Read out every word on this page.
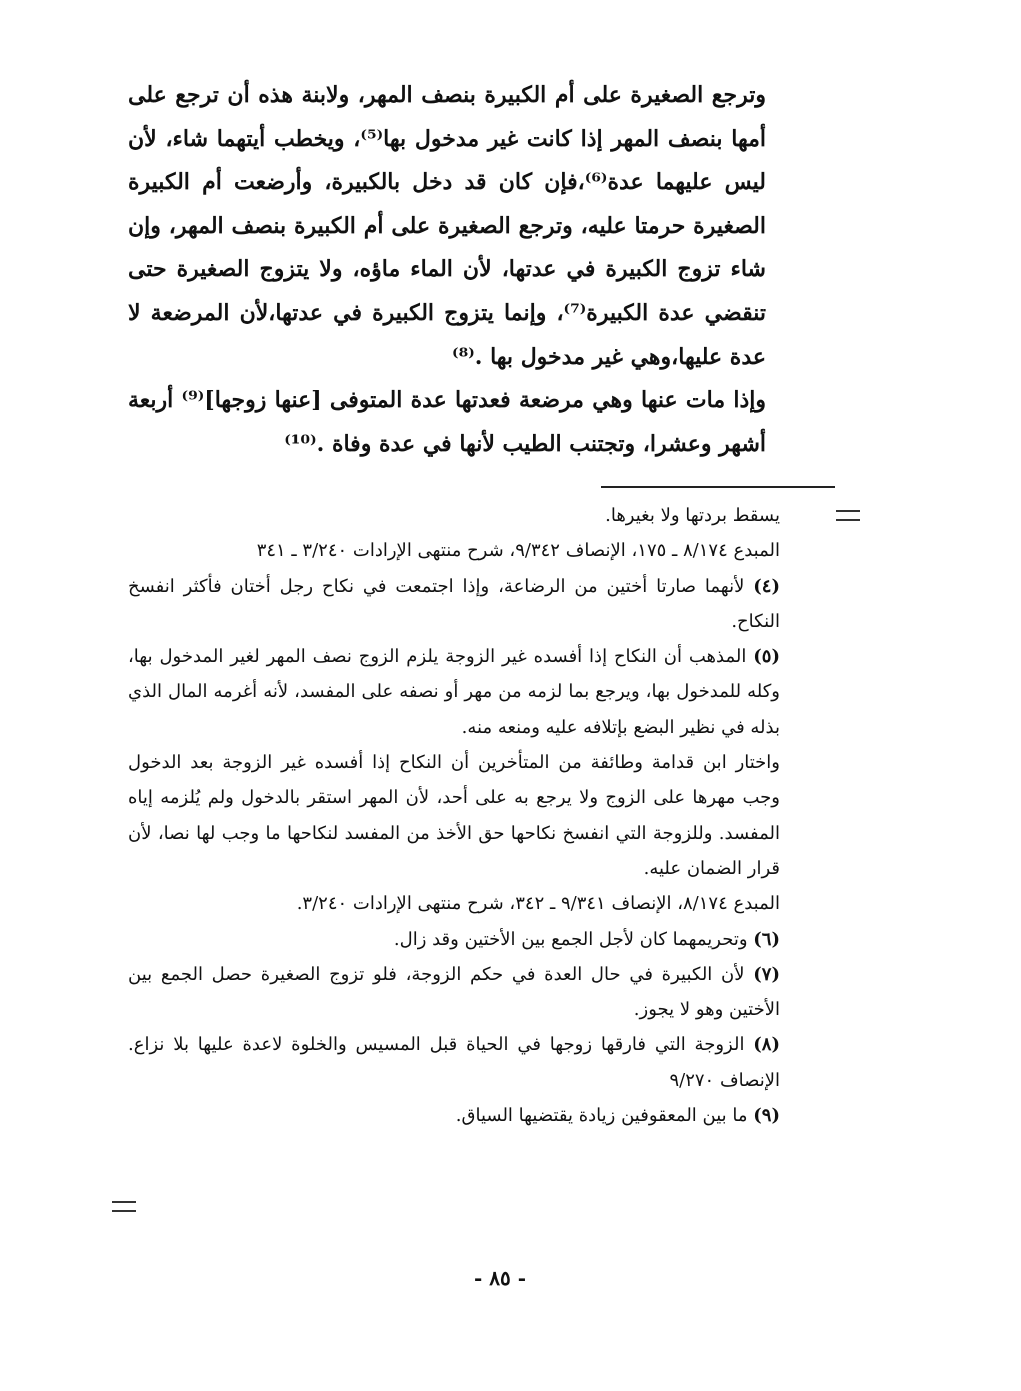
وترجع الصغيرة على أم الكبيرة بنصف المهر، ولابنة هذه أن ترجع على أمها بنصف المهر إذا كانت غير مدخول بها⁽⁵⁾، ويخطب أيتهما شاء، لأن ليس عليهما عدة⁽⁶⁾،فإن كان قد دخل بالكبيرة، وأرضعت أم الكبيرة الصغيرة حرمتا عليه، وترجع الصغيرة على أم الكبيرة بنصف المهر، وإن شاء تزوج الكبيرة في عدتها، لأن الماء ماؤه، ولا يتزوج الصغيرة حتى تنقضي عدة الكبيرة⁽⁷⁾، وإنما يتزوج الكبيرة في عدتها،لأن المرضعة لا عدة عليها،وهي غير مدخول بها .⁽⁸⁾

وإذا مات عنها وهي مرضعة فعدتها عدة المتوفى [عنها زوجها]⁽⁹⁾ أربعة أشهر وعشرا، وتجتنب الطيب لأنها في عدة وفاة .⁽¹⁰⁾

يسقط بردتها ولا بغيرها.

المبدع ٨/١٧٤ ـ ١٧٥، الإنصاف ٩/٣٤٢، شرح منتهى الإرادات ٣/٢٤٠ ـ ٣٤١

(٤) لأنهما صارتا أختين من الرضاعة، وإذا اجتمعت في نكاح رجل أختان فأكثر انفسخ النكاح.

(٥) المذهب أن النكاح إذا أفسده غير الزوجة يلزم الزوج نصف المهر لغير المدخول بها، وكله للمدخول بها، ويرجع بما لزمه من مهر أو نصفه على المفسد، لأنه أغرمه المال الذي بذله في نظير البضع بإتلافه عليه ومنعه منه.

واختار ابن قدامة وطائفة من المتأخرين أن النكاح إذا أفسده غير الزوجة بعد الدخول وجب مهرها على الزوج ولا يرجع به على أحد، لأن المهر استقر بالدخول ولم يُلزمه إياه المفسد. وللزوجة التي انفسخ نكاحها حق الأخذ من المفسد لنكاحها ما وجب لها نصا، لأن قرار الضمان عليه.

المبدع ٨/١٧٤، الإنصاف ٩/٣٤١ ـ ٣٤٢، شرح منتهى الإرادات ٣/٢٤٠.

(٦) وتحريمهما كان لأجل الجمع بين الأختين وقد زال.

(٧) لأن الكبيرة في حال العدة في حكم الزوجة، فلو تزوج الصغيرة حصل الجمع بين الأختين وهو لا يجوز.

(٨) الزوجة التي فارقها زوجها في الحياة قبل المسيس والخلوة لاعدة عليها بلا نزاع. الإنصاف ٩/٢٧٠

(٩) ما بين المعقوفين زيادة يقتضيها السياق.

- ٨٥ -
